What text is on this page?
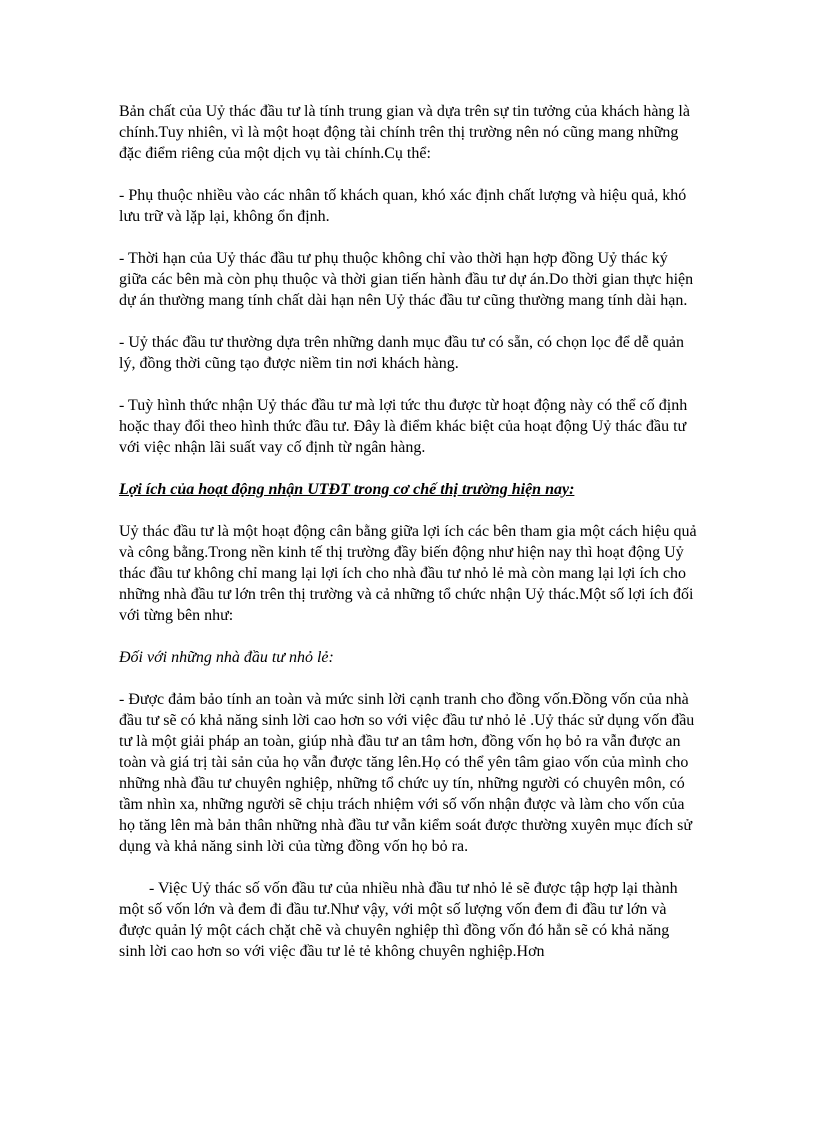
Bản chất của Uỷ thác đầu tư là tính trung gian và dựa trên sự tin tưởng của khách hàng là chính.Tuy nhiên, vì là một hoạt động tài chính trên thị trường nên nó cũng mang những đặc điểm riêng của một dịch vụ tài chính.Cụ thể:

- Phụ thuộc nhiều vào các nhân tố khách quan, khó xác định chất lượng và hiệu quả, khó lưu trữ và lặp lại, không ổn định.

- Thời hạn của Uỷ thác đầu tư phụ thuộc không chỉ vào thời hạn hợp đồng Uỷ thác ký giữa các bên mà còn phụ thuộc và thời gian tiến hành đầu tư dự án.Do thời gian thực hiện dự án thường mang tính chất dài hạn nên Uỷ thác đầu tư cũng thường mang tính dài hạn.

- Uỷ thác đầu tư thường dựa trên những danh mục đầu tư có sẵn, có chọn lọc để dễ quản lý, đồng thời cũng tạo được niềm tin nơi khách hàng.

- Tuỳ hình thức nhận Uỷ thác đầu tư mà lợi tức thu được từ hoạt động này có thể cố định hoặc thay đổi theo hình thức đầu tư. Đây là điểm khác biệt của hoạt động Uỷ thác đầu tư với việc nhận lãi suất vay cố định từ ngân hàng.

Lợi ích của hoạt động nhận UTĐT trong cơ chế thị trường hiện nay:

Uỷ thác đầu tư là một hoạt động cân bằng giữa lợi ích các bên tham gia một cách hiệu quả và công bằng.Trong nền kinh tế thị trường đầy biến động như hiện nay thì hoạt động Uỷ thác đầu tư không chỉ mang lại lợi ích cho nhà đầu tư nhỏ lẻ mà còn mang lại lợi ích cho những nhà đầu tư lớn trên thị trường và cả những tổ chức nhận Uỷ thác.Một số lợi ích đối với từng bên như:

Đối với những nhà đầu tư nhỏ lẻ:

- Được đảm bảo tính an toàn và mức sinh lời cạnh tranh cho đồng vốn.Đồng vốn của nhà đầu tư sẽ có khả năng sinh lời cao hơn so với việc đầu tư nhỏ lẻ .Uỷ thác sử dụng vốn đầu tư là một giải pháp an toàn, giúp nhà đầu tư an tâm hơn, đồng vốn họ bỏ ra vẫn được an toàn và giá trị tài sản của họ vẫn được tăng lên.Họ có thể yên tâm giao vốn của mình cho những nhà đầu tư chuyên nghiệp, những tổ chức uy tín, những người có chuyên môn, có tầm nhìn xa, những người sẽ chịu trách nhiệm với số vốn nhận được và làm cho vốn của họ tăng lên mà bản thân những nhà đầu tư vẫn kiểm soát được thường xuyên mục đích sử dụng và khả năng sinh lời của từng đồng vốn họ bỏ ra.

- Việc Uỷ thác số vốn đầu tư của nhiều nhà đầu tư nhỏ lẻ sẽ được tập hợp lại thành một số vốn lớn và đem đi đầu tư.Như vậy, với một số lượng vốn đem đi đầu tư lớn và được quản lý một cách chặt chẽ và chuyên nghiệp thì đồng vốn đó hẳn sẽ có khả năng sinh lời cao hơn so với việc đầu tư lẻ tẻ không chuyên nghiệp.Hơn
